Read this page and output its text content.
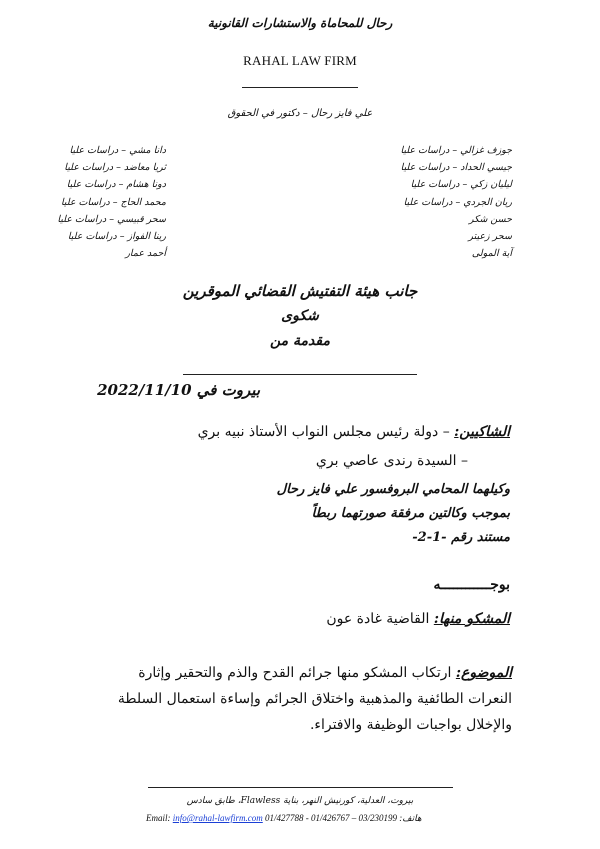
رحال للمحاماة والاستشارات القانونية
RAHAL LAW FIRM
علي فايز رحال – دكتور في الحقوق
جوزف غزالي – دراسات عليا
جيسي الحداد – دراسات عليا
ليليان زكي – دراسات عليا
ريان الجردي – دراسات عليا
حسن شكر
سحر زعيتر
آية المولى
دانا مشي – دراسات عليا
ثريا معاضد – دراسات عليا
دونا هشام – دراسات عليا
محمد الحاج – دراسات عليا
سحر قبيسي – دراسات عليا
رينا الفواز – دراسات عليا
أحمد عمار
جانب هيئة التفتيش القضائي الموقرين
شكوى
مقدمة من
بيروت في 2022/11/10
الشاكيين: – دولة رئيس مجلس النواب الأستاذ نبيه بري
– السيدة رندى عاصي بري
وكيلهما المحامي البروفسور علي فايز رحال
بموجب وكالتين مرفقة صورتهما ربطاً
مستند رقم -1-2-
بوجــــــــــــه
المشكو منها: القاضية غادة عون
الموضوع: ارتكاب المشكو منها جرائم القدح والذم والتحقير وإثارة النعرات الطائفية والمذهبية واختلاق الجرائم وإساءة استعمال السلطة والإخلال بواجبات الوظيفة والافتراء.
بيروت، العدلية، كورنيش النهر، بناية Flawless، طابق سادس
Email: info@rahal-lawfirm.com 01/427788 - 01/426767 – 03/230199 :هاتف
